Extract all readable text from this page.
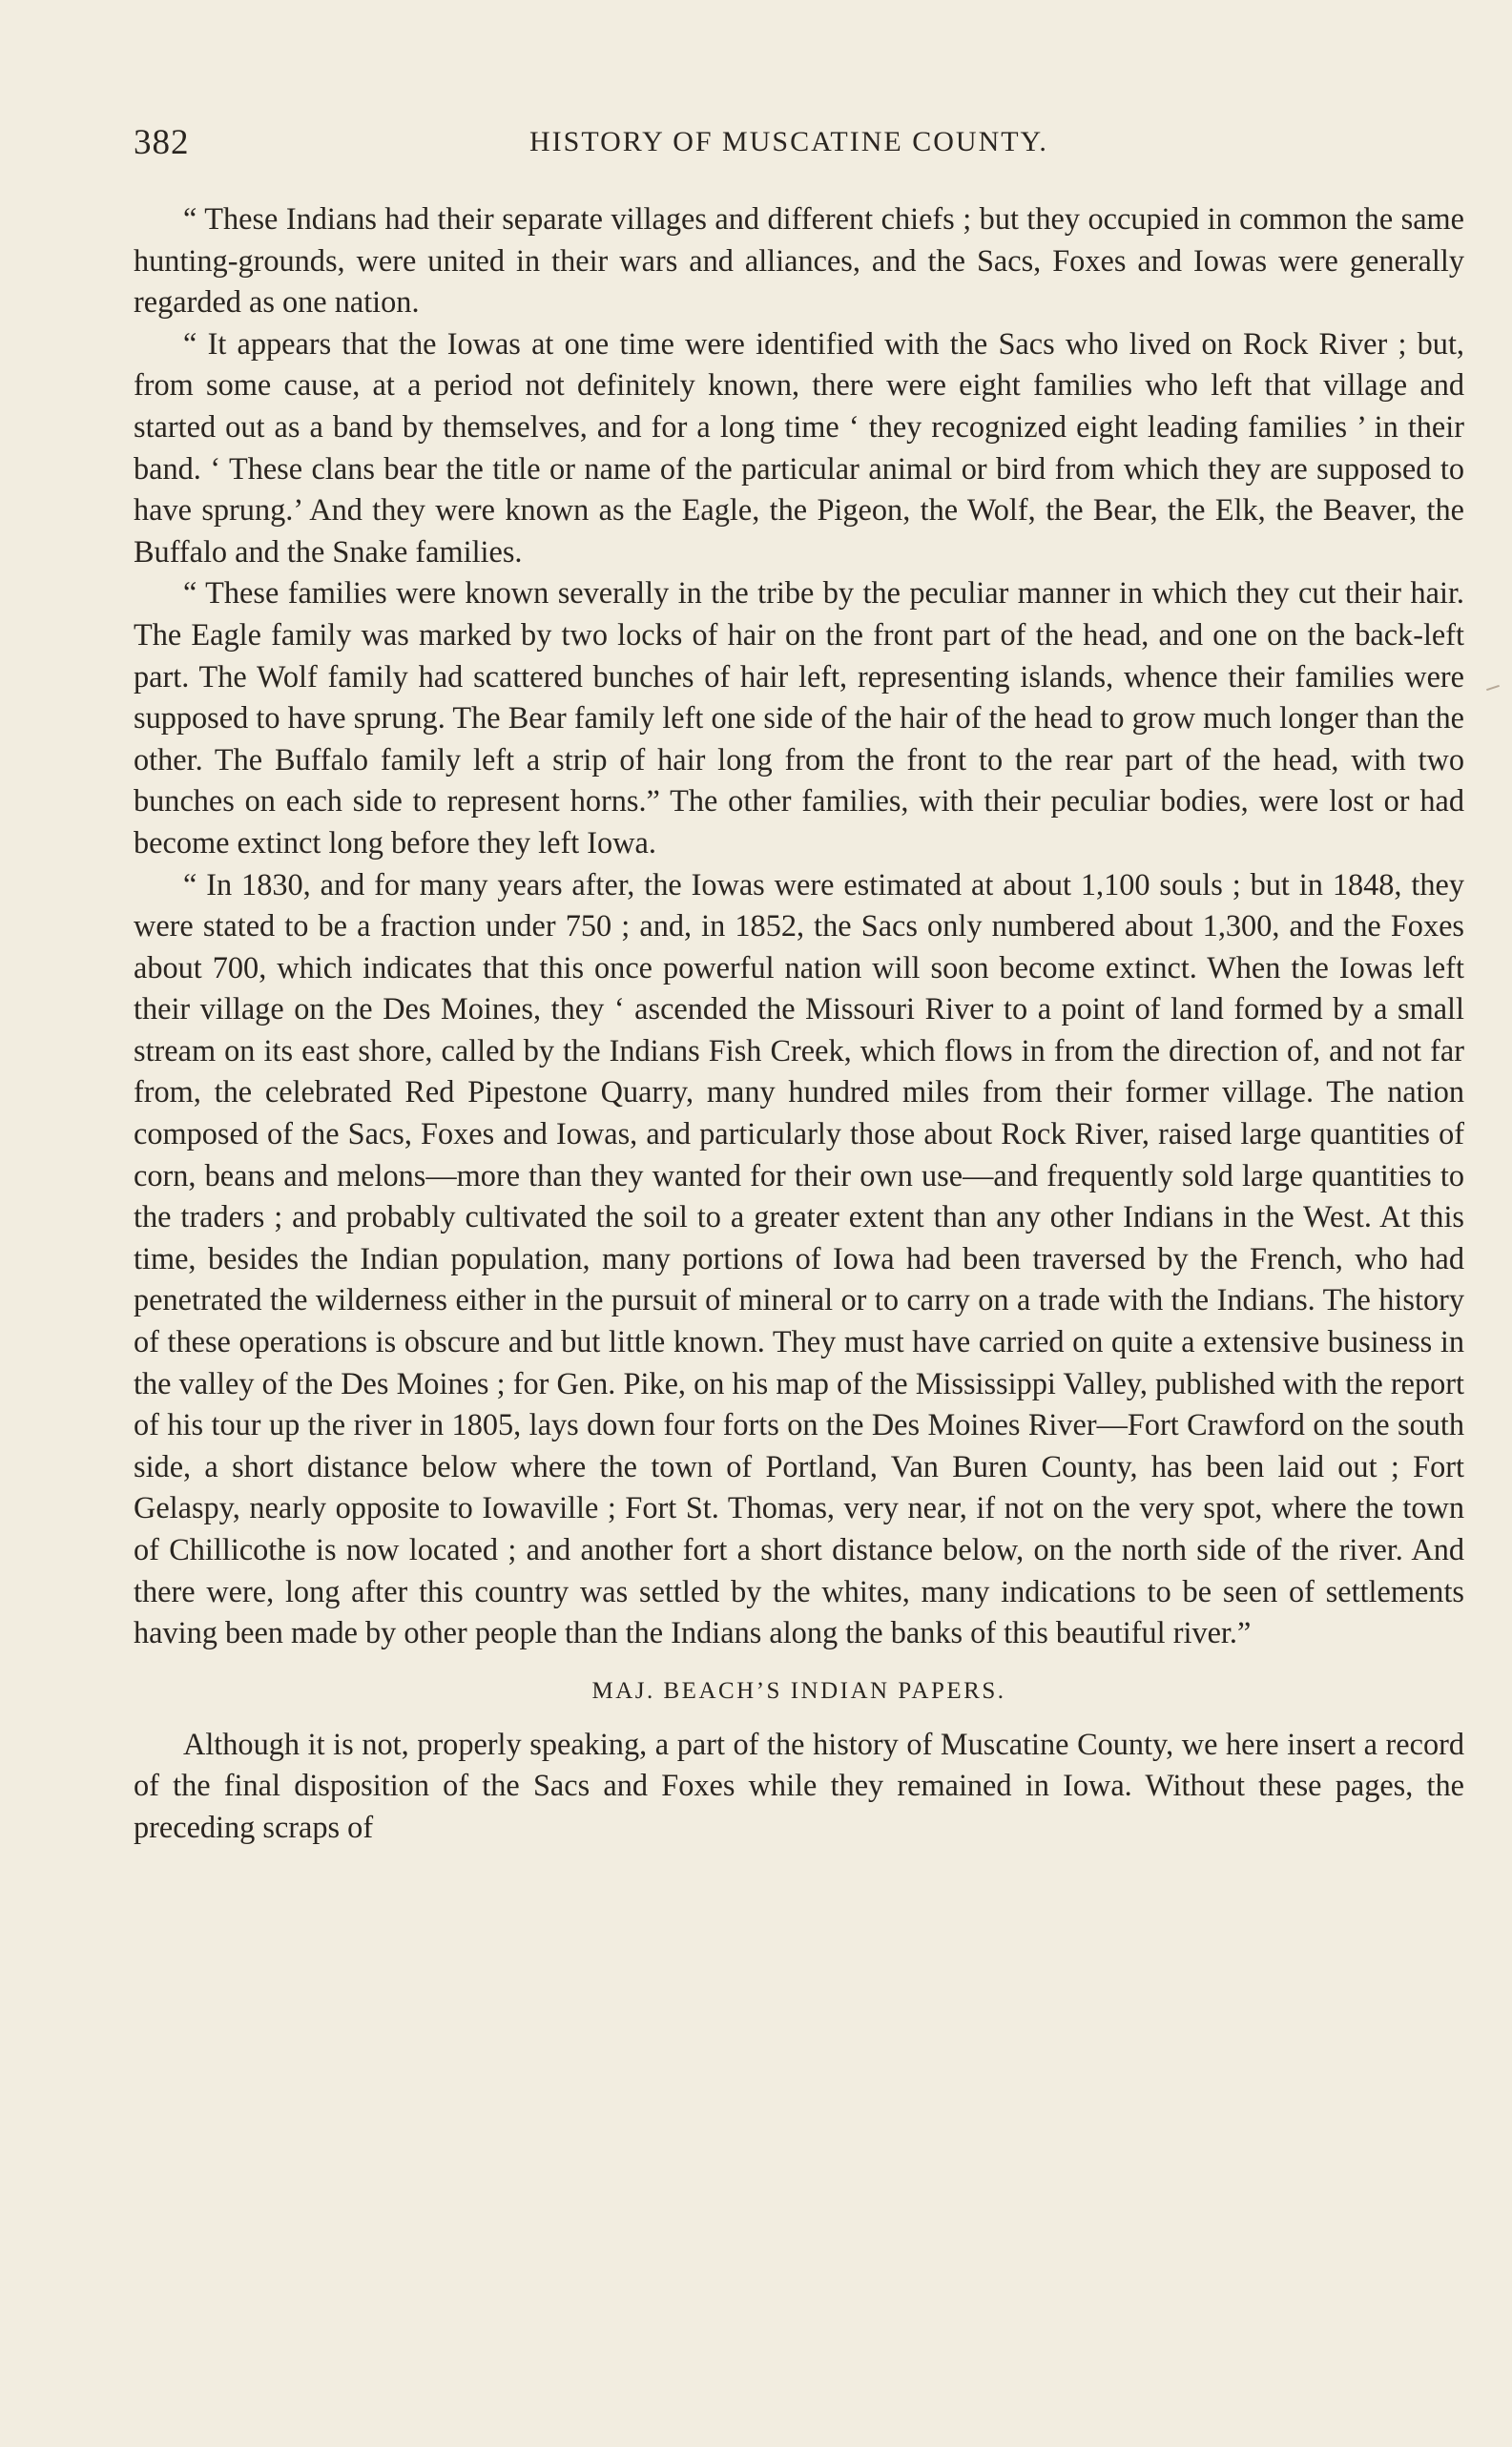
382	HISTORY OF MUSCATINE COUNTY.

“ These Indians had their separate villages and different chiefs ; but they occupied in common the same hunting-grounds, were united in their wars and alliances, and the Sacs, Foxes and Iowas were generally regarded as one nation.

“ It appears that the Iowas at one time were identified with the Sacs who lived on Rock River ; but, from some cause, at a period not definitely known, there were eight families who left that village and started out as a band by themselves, and for a long time ‘ they recognized eight leading families ’ in their band. ‘ These clans bear the title or name of the particular animal or bird from which they are supposed to have sprung.’ And they were known as the Eagle, the Pigeon, the Wolf, the Bear, the Elk, the Beaver, the Buffalo and the Snake families.

“ These families were known severally in the tribe by the peculiar manner in which they cut their hair. The Eagle family was marked by two locks of hair on the front part of the head, and one on the back-left part. The Wolf family had scattered bunches of hair left, representing islands, whence their families were supposed to have sprung. The Bear family left one side of the hair of the head to grow much longer than the other. The Buffalo family left a strip of hair long from the front to the rear part of the head, with two bunches on each side to represent horns.” The other families, with their peculiar bodies, were lost or had become extinct long before they left Iowa.

“ In 1830, and for many years after, the Iowas were estimated at about 1,100 souls ; but in 1848, they were stated to be a fraction under 750 ; and, in 1852, the Sacs only numbered about 1,300, and the Foxes about 700, which indicates that this once powerful nation will soon become extinct. When the Iowas left their village on the Des Moines, they ‘ ascended the Missouri River to a point of land formed by a small stream on its east shore, called by the Indians Fish Creek, which flows in from the direction of, and not far from, the celebrated Red Pipestone Quarry, many hundred miles from their former village. The nation composed of the Sacs, Foxes and Iowas, and particularly those about Rock River, raised large quantities of corn, beans and melons—more than they wanted for their own use—and frequently sold large quantities to the traders ; and probably cultivated the soil to a greater extent than any other Indians in the West. At this time, besides the Indian population, many portions of Iowa had been traversed by the French, who had penetrated the wilderness either in the pursuit of mineral or to carry on a trade with the Indians. The history of these operations is obscure and but little known. They must have carried on quite a extensive business in the valley of the Des Moines ; for Gen. Pike, on his map of the Mississippi Valley, published with the report of his tour up the river in 1805, lays down four forts on the Des Moines River—Fort Crawford on the south side, a short distance below where the town of Portland, Van Buren County, has been laid out ; Fort Gelaspy, nearly opposite to Iowaville ; Fort St. Thomas, very near, if not on the very spot, where the town of Chillicothe is now located ; and another fort a short distance below, on the north side of the river. And there were, long after this country was settled by the whites, many indications to be seen of settlements having been made by other people than the Indians along the banks of this beautiful river.”

MAJ. BEACH’S INDIAN PAPERS.

Although it is not, properly speaking, a part of the history of Muscatine County, we here insert a record of the final disposition of the Sacs and Foxes while they remained in Iowa. Without these pages, the preceding scraps of
